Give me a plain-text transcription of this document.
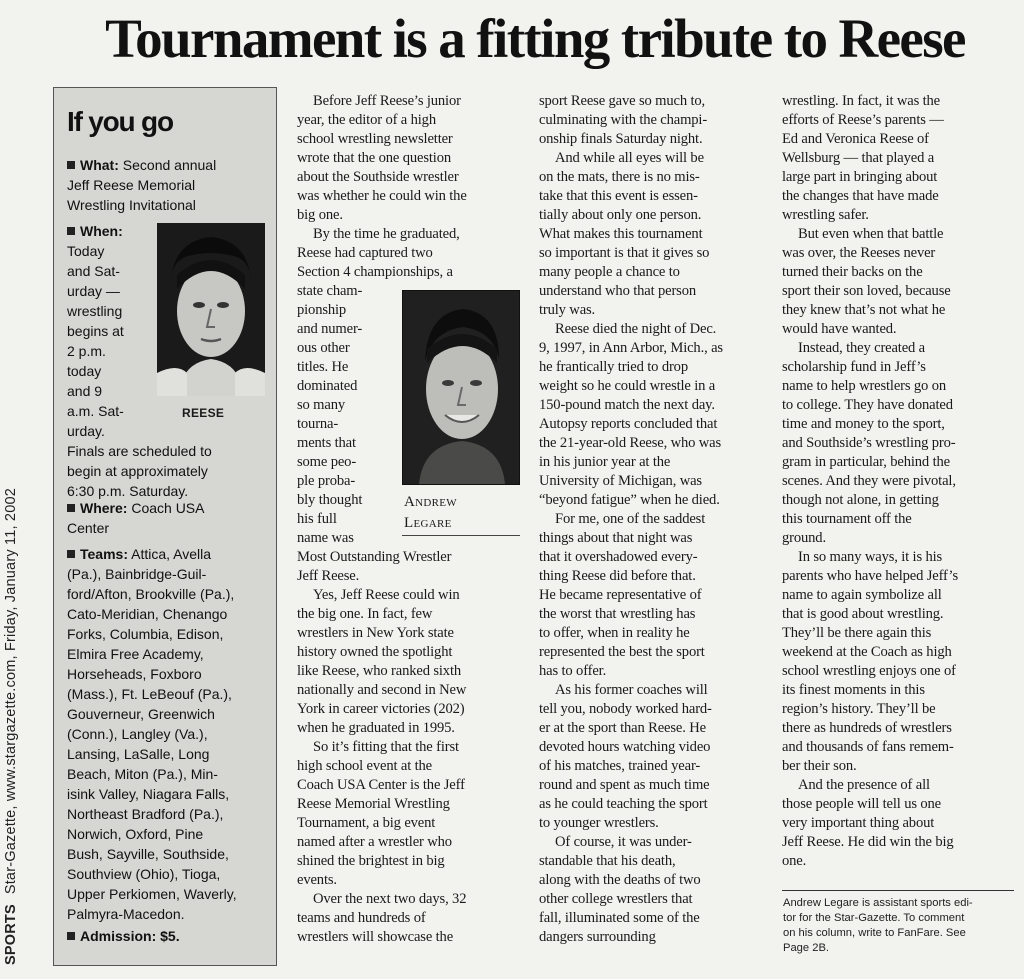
SPORTSStar-Gazette, www.stargazette.com, Friday, January 11, 2002
Tournament is a fitting tribute to Reese
If you go
What: Second annual
Jeff Reese Memorial
Wrestling Invitational
When:
Today
and Sat-
urday —
wrestling
begins at
2 p.m.
today
and 9
a.m. Sat-
urday.
Finals are scheduled to
begin at approximately
6:30 p.m. Saturday.
REESE
Where: Coach USA
Center
Teams: Attica, Avella
(Pa.), Bainbridge-Guil-
ford/Afton, Brookville (Pa.),
Cato-Meridian, Chenango
Forks, Columbia, Edison,
Elmira Free Academy,
Horseheads, Foxboro
(Mass.), Ft. LeBeouf (Pa.),
Gouverneur, Greenwich
(Conn.), Langley (Va.),
Lansing, LaSalle, Long
Beach, Miton (Pa.), Min-
isink Valley, Niagara Falls,
Northeast Bradford (Pa.),
Norwich, Oxford, Pine
Bush, Sayville, Southside,
Southview (Ohio), Tioga,
Upper Perkiomen, Waverly,
Palmyra-Macedon.
Admission: $5.
Before Jeff Reese’s junior
year, the editor of a high
school wrestling newsletter
wrote that the one question
about the Southside wrestler
was whether he could win the
big one.
By the time he graduated,
Reese had captured two
Section 4 championships, a
state cham-
pionship
and numer-
ous other
titles. He
dominated
so many
tourna-
ments that
some peo-
ple proba-
bly thought
his full
name was
Most Outstanding Wrestler
Jeff Reese.
Yes, Jeff Reese could win
the big one. In fact, few
wrestlers in New York state
history owned the spotlight
like Reese, who ranked sixth
nationally and second in New
York in career victories (202)
when he graduated in 1995.
So it’s fitting that the first
high school event at the
Coach USA Center is the Jeff
Reese Memorial Wrestling
Tournament, a big event
named after a wrestler who
shined the brightest in big
events.
Over the next two days, 32
teams and hundreds of
wrestlers will showcase the
Andrew
Legare
sport Reese gave so much to,
culminating with the champi-
onship finals Saturday night.
And while all eyes will be
on the mats, there is no mis-
take that this event is essen-
tially about only one person.
What makes this tournament
so important is that it gives so
many people a chance to
understand who that person
truly was.
Reese died the night of Dec.
9, 1997, in Ann Arbor, Mich., as
he frantically tried to drop
weight so he could wrestle in a
150-pound match the next day.
Autopsy reports concluded that
the 21-year-old Reese, who was
in his junior year at the
University of Michigan, was
“beyond fatigue” when he died.
For me, one of the saddest
things about that night was
that it overshadowed every-
thing Reese did before that.
He became representative of
the worst that wrestling has
to offer, when in reality he
represented the best the sport
has to offer.
As his former coaches will
tell you, nobody worked hard-
er at the sport than Reese. He
devoted hours watching video
of his matches, trained year-
round and spent as much time
as he could teaching the sport
to younger wrestlers.
Of course, it was under-
standable that his death,
along with the deaths of two
other college wrestlers that
fall, illuminated some of the
dangers surrounding
wrestling. In fact, it was the
efforts of Reese’s parents —
Ed and Veronica Reese of
Wellsburg — that played a
large part in bringing about
the changes that have made
wrestling safer.
But even when that battle
was over, the Reeses never
turned their backs on the
sport their son loved, because
they knew that’s not what he
would have wanted.
Instead, they created a
scholarship fund in Jeff’s
name to help wrestlers go on
to college. They have donated
time and money to the sport,
and Southside’s wrestling pro-
gram in particular, behind the
scenes. And they were pivotal,
though not alone, in getting
this tournament off the
ground.
In so many ways, it is his
parents who have helped Jeff’s
name to again symbolize all
that is good about wrestling.
They’ll be there again this
weekend at the Coach as high
school wrestling enjoys one of
its finest moments in this
region’s history. They’ll be
there as hundreds of wrestlers
and thousands of fans remem-
ber their son.
And the presence of all
those people will tell us one
very important thing about
Jeff Reese. He did win the big
one.
Andrew Legare is assistant sports edi-
tor for the Star-Gazette. To comment
on his column, write to FanFare. See
Page 2B.
